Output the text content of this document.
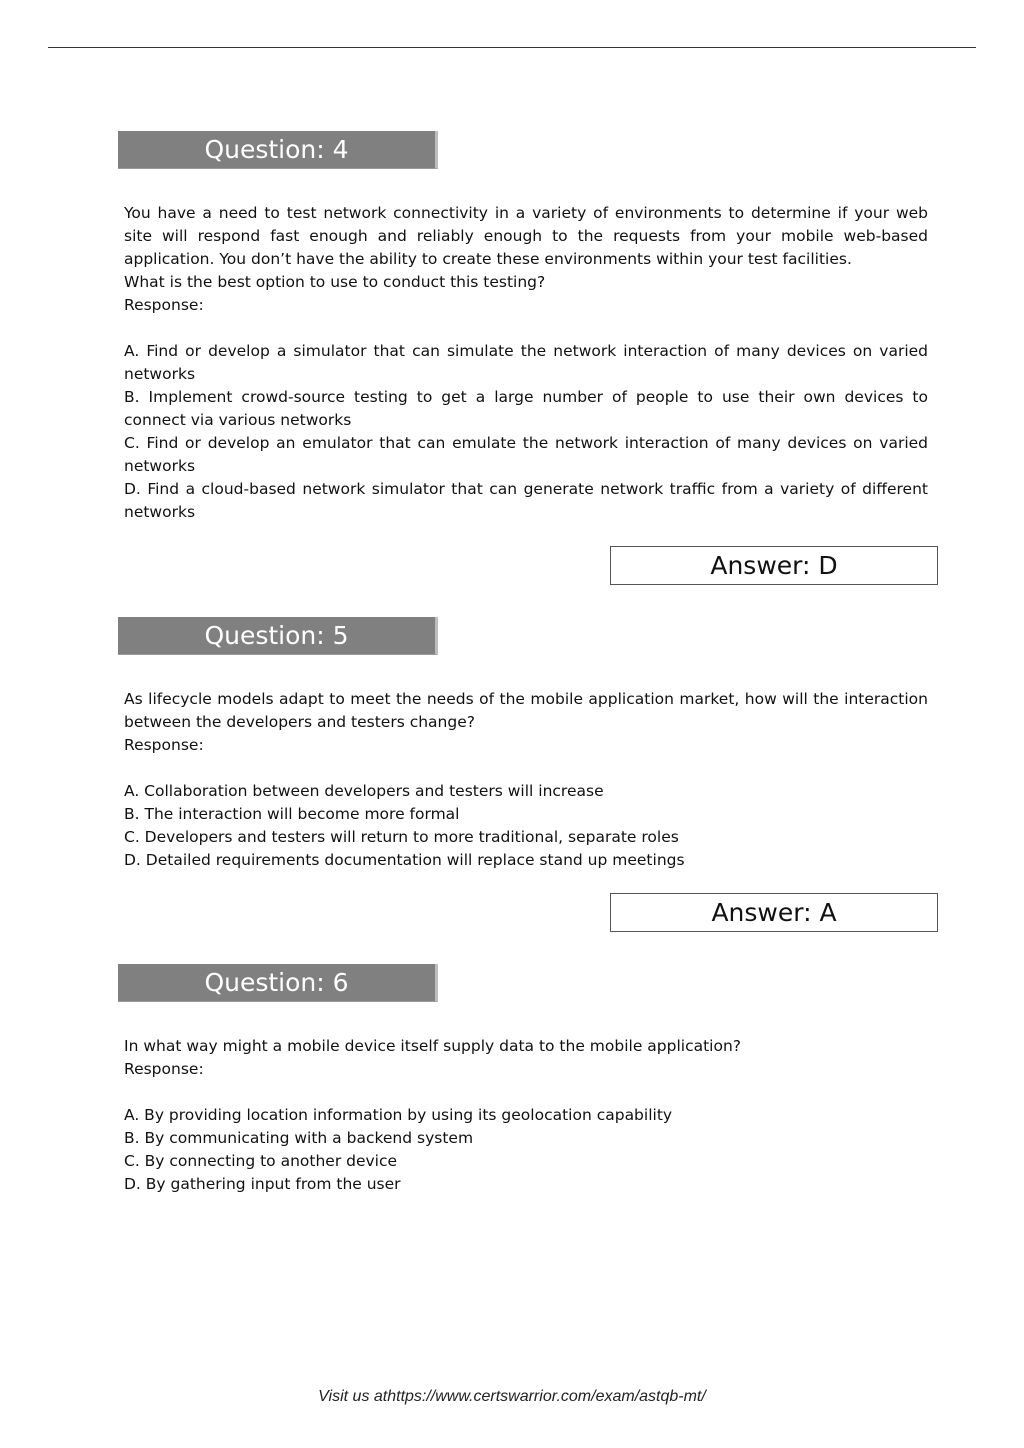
Question: 4

You have a need to test network connectivity in a variety of environments to determine if your web site will respond fast enough and reliably enough to the requests from your mobile web-based application. You don’t have the ability to create these environments within your test facilities.

What is the best option to use to conduct this testing?

Response:

A. Find or develop a simulator that can simulate the network interaction of many devices on varied networks
B. Implement crowd-source testing to get a large number of people to use their own devices to connect via various networks
C. Find or develop an emulator that can emulate the network interaction of many devices on varied networks
D. Find a cloud-based network simulator that can generate network traffic from a variety of different networks
Answer: D
Question: 5

As lifecycle models adapt to meet the needs of the mobile application market, how will the interaction between the developers and testers change?

Response:

A. Collaboration between developers and testers will increase
B. The interaction will become more formal
C. Developers and testers will return to more traditional, separate roles
D. Detailed requirements documentation will replace stand up meetings
Answer: A
Question: 6

In what way might a mobile device itself supply data to the mobile application?

Response:

A. By providing location information by using its geolocation capability
B. By communicating with a backend system
C. By connecting to another device
D. By gathering input from the user
Visit us athttps://www.certswarrior.com/exam/astqb-mt/
